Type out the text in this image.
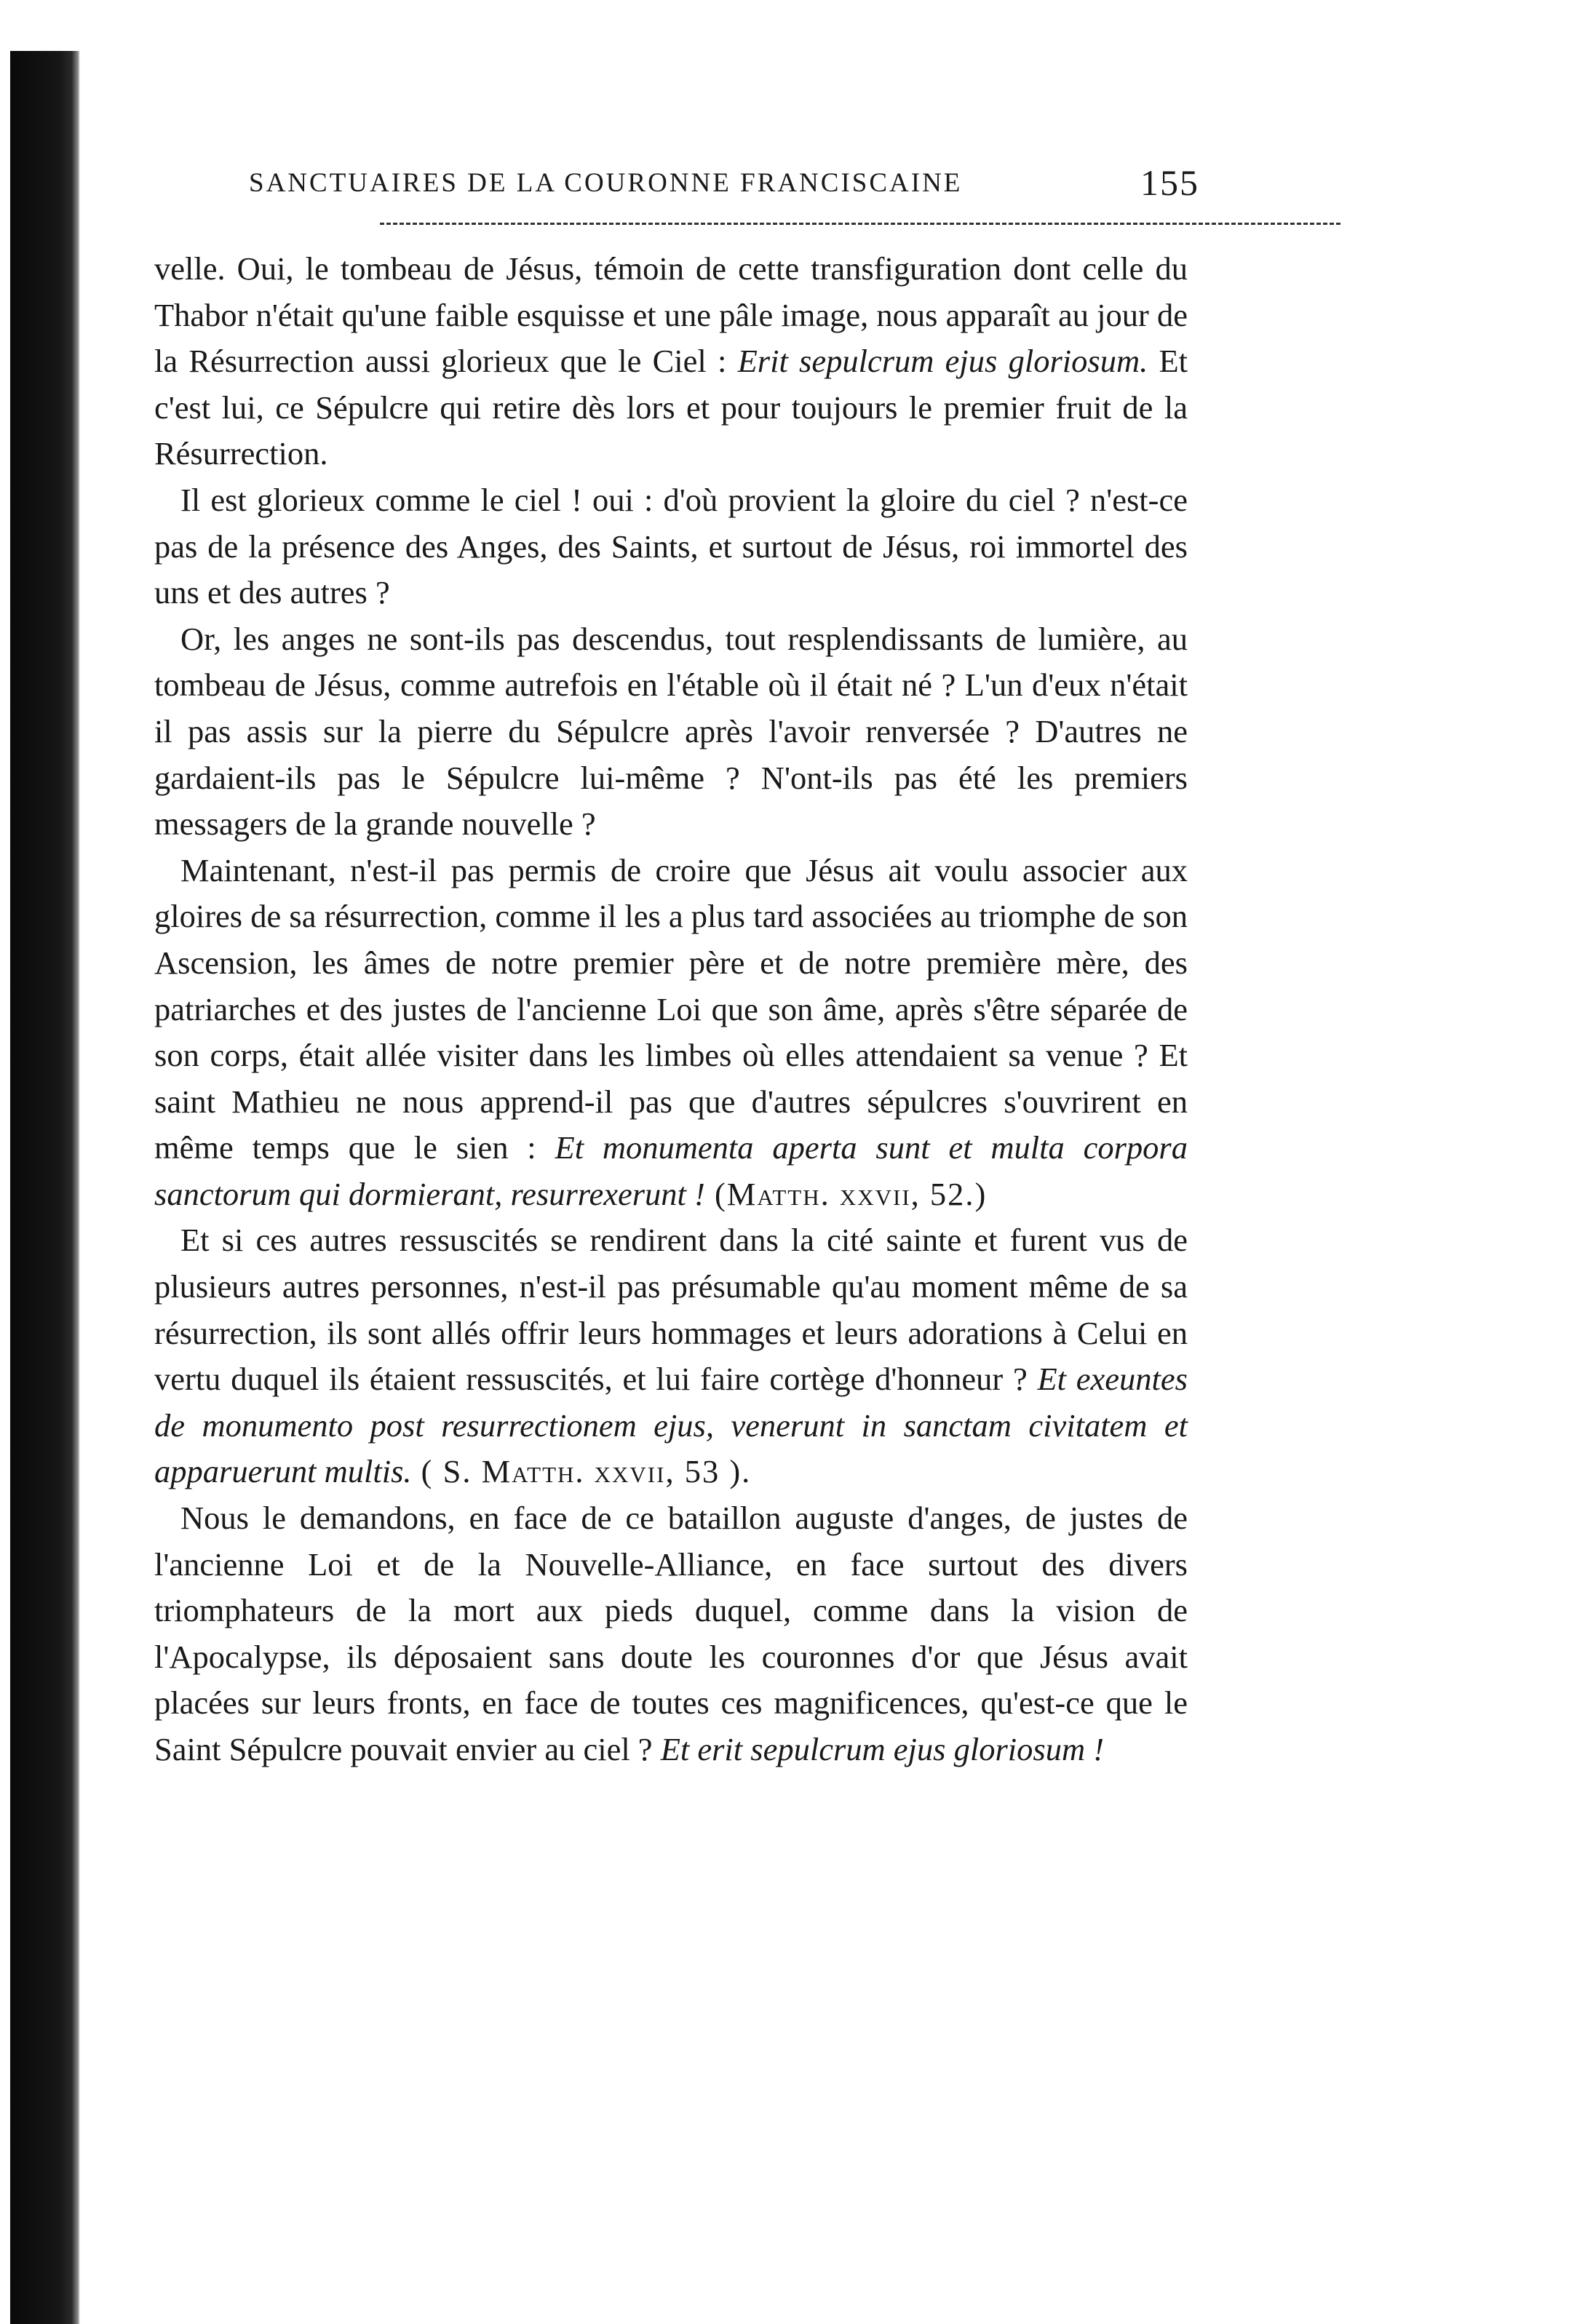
SANCTUAIRES DE LA COURONNE FRANCISCAINE	155

velle. Oui, le tombeau de Jésus, témoin de cette transfiguration dont celle du Thabor n'était qu'une faible esquisse et une pâle image, nous apparaît au jour de la Résurrection aussi glorieux que le Ciel : Erit sepulcrum ejus gloriosum. Et c'est lui, ce Sépulcre qui retire dès lors et pour toujours le premier fruit de la Résurrection.

Il est glorieux comme le ciel ! oui : d'où provient la gloire du ciel ? n'est-ce pas de la présence des Anges, des Saints, et surtout de Jésus, roi immortel des uns et des autres ?

Or, les anges ne sont-ils pas descendus, tout resplendissants de lumière, au tombeau de Jésus, comme autrefois en l'étable où il était né ? L'un d'eux n'était il pas assis sur la pierre du Sépulcre après l'avoir renversée ? D'autres ne gardaient-ils pas le Sépulcre lui-même ? N'ont-ils pas été les premiers messagers de la grande nouvelle ?

Maintenant, n'est-il pas permis de croire que Jésus ait voulu associer aux gloires de sa résurrection, comme il les a plus tard associées au triomphe de son Ascension, les âmes de notre premier père et de notre première mère, des patriarches et des justes de l'ancienne Loi que son âme, après s'être séparée de son corps, était allée visiter dans les limbes où elles attendaient sa venue ? Et saint Mathieu ne nous apprend-il pas que d'autres sépulcres s'ouvrirent en même temps que le sien : Et monumenta aperta sunt et multa corpora sanctorum qui dormierant, resurrexerunt ! (Matth. xxvii, 52.)

Et si ces autres ressuscités se rendirent dans la cité sainte et furent vus de plusieurs autres personnes, n'est-il pas présumable qu'au moment même de sa résurrection, ils sont allés offrir leurs hommages et leurs adorations à Celui en vertu duquel ils étaient ressuscités, et lui faire cortège d'honneur ? Et exeuntes de monumento post resurrectionem ejus, venerunt in sanctam civitatem et apparuerunt multis. ( S. Matth. xxvii, 53 ).

Nous le demandons, en face de ce bataillon auguste d'anges, de justes de l'ancienne Loi et de la Nouvelle-Alliance, en face surtout des divers triomphateurs de la mort aux pieds duquel, comme dans la vision de l'Apocalypse, ils déposaient sans doute les couronnes d'or que Jésus avait placées sur leurs fronts, en face de toutes ces magnificences, qu'est-ce que le Saint Sépulcre pouvait envier au ciel ? Et erit sepulcrum ejus gloriosum !
